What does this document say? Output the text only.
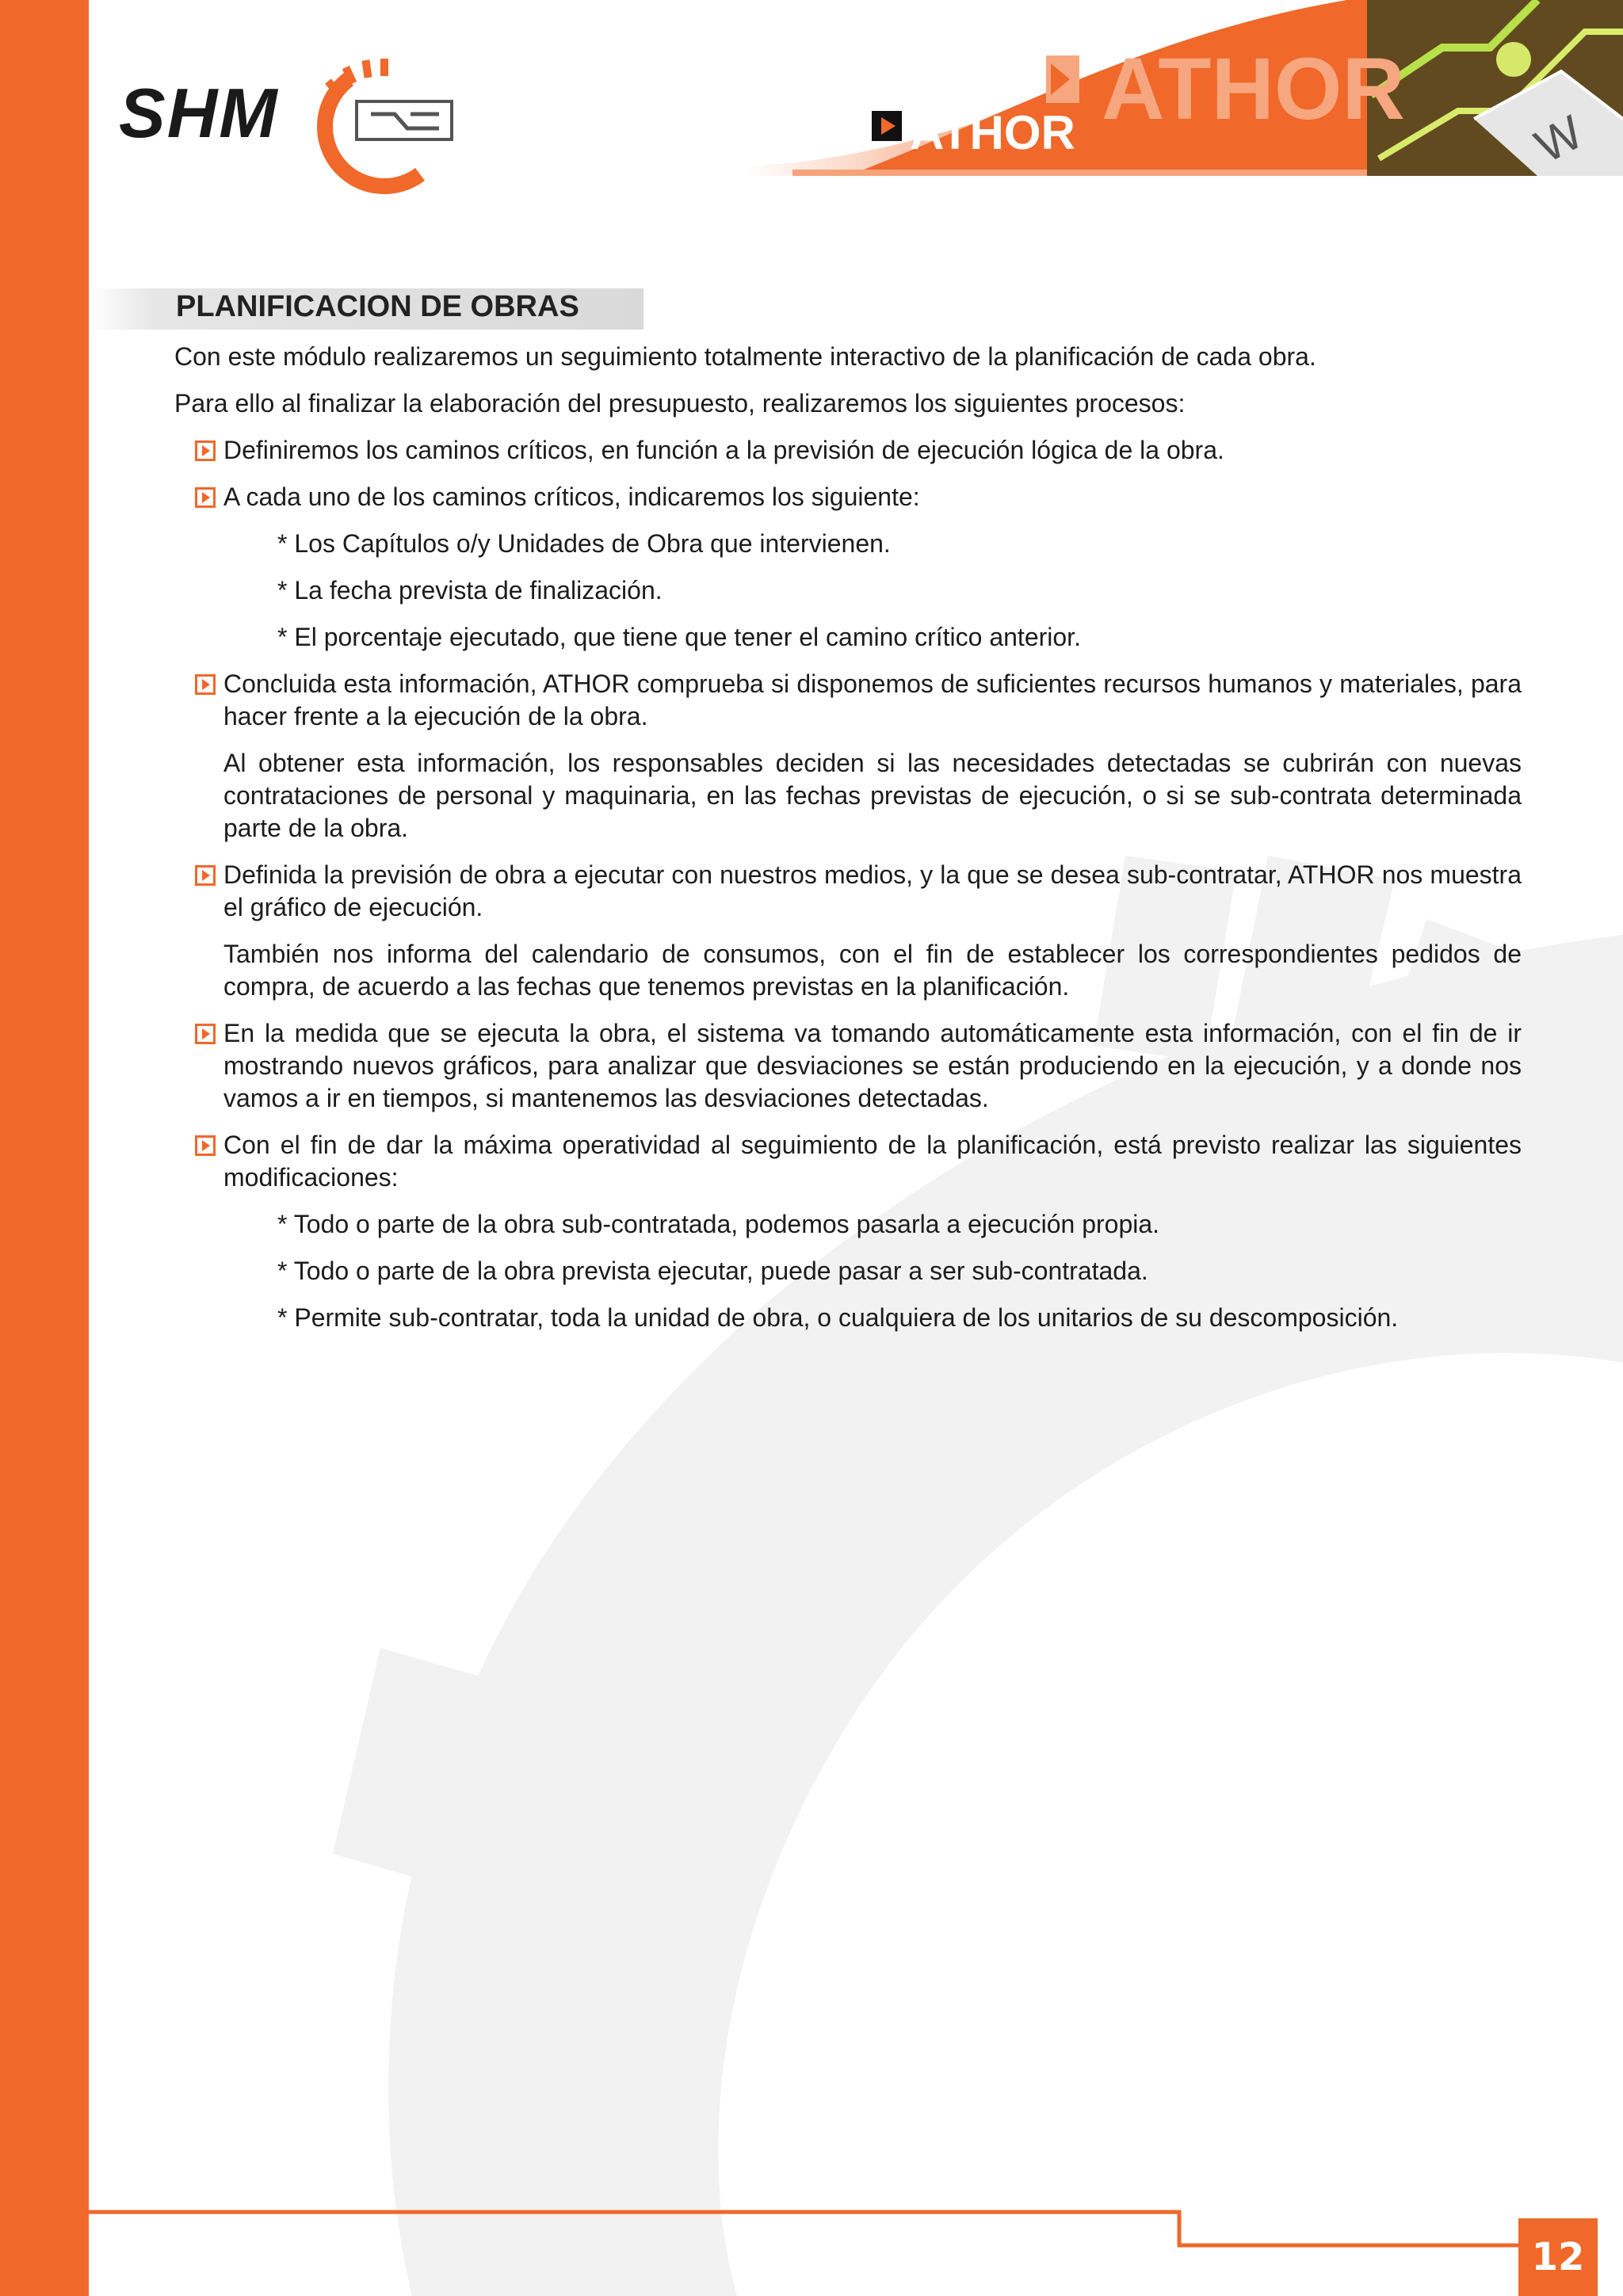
SHM	W
ATHOR
ATHOR
PLANIFICACION DE OBRAS

Con este módulo realizaremos un seguimiento totalmente interactivo de la planificación de cada obra.

Para ello al finalizar la elaboración del presupuesto, realizaremos los siguientes procesos:

Definiremos los caminos críticos, en función a la previsión de ejecución lógica de la obra.
A cada uno de los caminos críticos, indicaremos los siguiente:

* Los Capítulos o/y Unidades de Obra que intervienen.

* La fecha prevista de finalización.

* El porcentaje ejecutado, que tiene que tener el camino crítico anterior.

Concluida esta información, ATHOR comprueba si disponemos de suficientes recursos humanos y materiales, para hacer frente a la ejecución de la obra.

Al obtener esta información, los responsables deciden si las necesidades detectadas se cubrirán con nuevas contrataciones de personal y maquinaria, en las fechas previstas de ejecución, o si se sub-contrata determinada parte de la obra.

Definida la previsión de obra a ejecutar con nuestros medios, y la que se desea sub-contratar, ATHOR nos muestra el gráfico de ejecución.

También nos informa del calendario de consumos, con el fin de establecer los correspondientes pedidos de compra, de acuerdo a las fechas que tenemos previstas en la planificación.

En la medida que se ejecuta la obra, el sistema va tomando automáticamente esta información, con el fin de ir mostrando nuevos gráficos, para analizar que desviaciones se están produciendo en la ejecución, y a donde nos vamos a ir en tiempos, si mantenemos las desviaciones detectadas.
Con el fin de dar la máxima operatividad al seguimiento de la planificación, está previsto realizar las siguientes modificaciones:

* Todo o parte de la obra sub-contratada, podemos pasarla a ejecución propia.

* Todo o parte de la obra prevista ejecutar, puede pasar a ser sub-contratada.

* Permite sub-contratar, toda la unidad de obra, o cualquiera de los unitarios de su descomposición.

12
